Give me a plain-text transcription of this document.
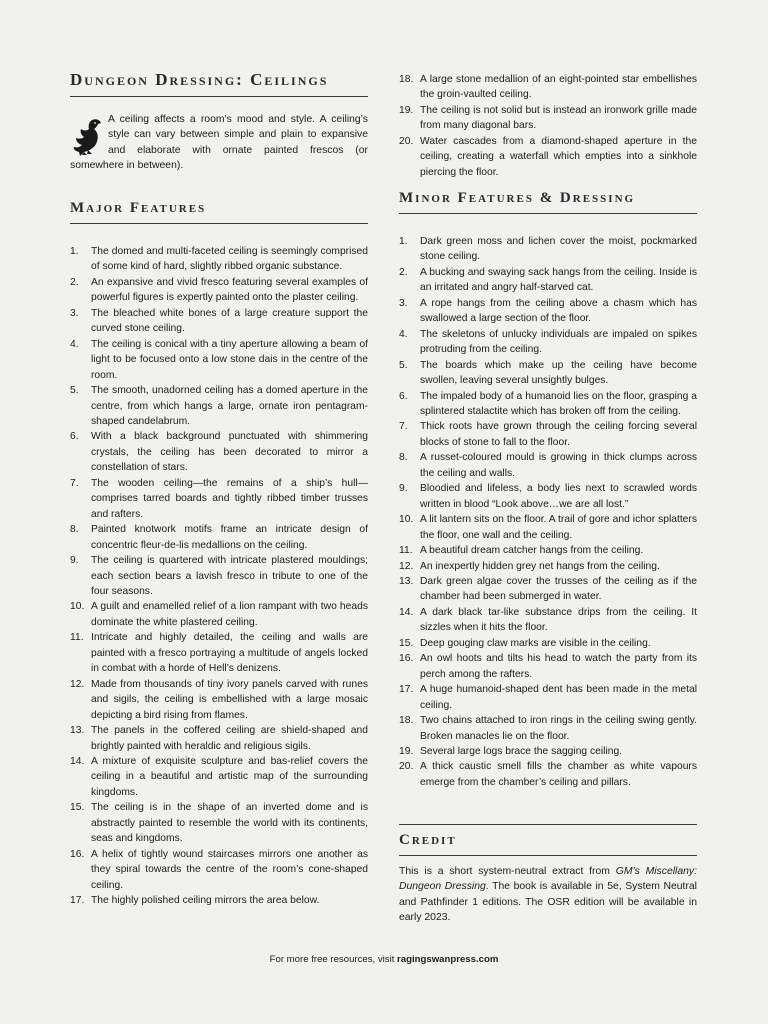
Dungeon Dressing: Ceilings
A ceiling affects a room’s mood and style. A ceiling’s style can vary between simple and plain to expansive and elaborate with ornate painted frescos (or somewhere in between).
Major Features
1. The domed and multi-faceted ceiling is seemingly comprised of some kind of hard, slightly ribbed organic substance.
2. An expansive and vivid fresco featuring several examples of powerful figures is expertly painted onto the plaster ceiling.
3. The bleached white bones of a large creature support the curved stone ceiling.
4. The ceiling is conical with a tiny aperture allowing a beam of light to be focused onto a low stone dais in the centre of the room.
5. The smooth, unadorned ceiling has a domed aperture in the centre, from which hangs a large, ornate iron pentagram-shaped candelabrum.
6. With a black background punctuated with shimmering crystals, the ceiling has been decorated to mirror a constellation of stars.
7. The wooden ceiling—the remains of a ship’s hull—comprises tarred boards and tightly ribbed timber trusses and rafters.
8. Painted knotwork motifs frame an intricate design of concentric fleur-de-lis medallions on the ceiling.
9. The ceiling is quartered with intricate plastered mouldings; each section bears a lavish fresco in tribute to one of the four seasons.
10. A guilt and enamelled relief of a lion rampant with two heads dominate the white plastered ceiling.
11. Intricate and highly detailed, the ceiling and walls are painted with a fresco portraying a multitude of angels locked in combat with a horde of Hell’s denizens.
12. Made from thousands of tiny ivory panels carved with runes and sigils, the ceiling is embellished with a large mosaic depicting a bird rising from flames.
13. The panels in the coffered ceiling are shield-shaped and brightly painted with heraldic and religious sigils.
14. A mixture of exquisite sculpture and bas-relief covers the ceiling in a beautiful and artistic map of the surrounding kingdoms.
15. The ceiling is in the shape of an inverted dome and is abstractly painted to resemble the world with its continents, seas and kingdoms.
16. A helix of tightly wound staircases mirrors one another as they spiral towards the centre of the room’s cone-shaped ceiling.
17. The highly polished ceiling mirrors the area below.
18. A large stone medallion of an eight-pointed star embellishes the groin-vaulted ceiling.
19. The ceiling is not solid but is instead an ironwork grille made from many diagonal bars.
20. Water cascades from a diamond-shaped aperture in the ceiling, creating a waterfall which empties into a sinkhole piercing the floor.
Minor Features & Dressing
1. Dark green moss and lichen cover the moist, pockmarked stone ceiling.
2. A bucking and swaying sack hangs from the ceiling. Inside is an irritated and angry half-starved cat.
3. A rope hangs from the ceiling above a chasm which has swallowed a large section of the floor.
4. The skeletons of unlucky individuals are impaled on spikes protruding from the ceiling.
5. The boards which make up the ceiling have become swollen, leaving several unsightly bulges.
6. The impaled body of a humanoid lies on the floor, grasping a splintered stalactite which has broken off from the ceiling.
7. Thick roots have grown through the ceiling forcing several blocks of stone to fall to the floor.
8. A russet-coloured mould is growing in thick clumps across the ceiling and walls.
9. Bloodied and lifeless, a body lies next to scrawled words written in blood “Look above…we are all lost.”
10. A lit lantern sits on the floor. A trail of gore and ichor splatters the floor, one wall and the ceiling.
11. A beautiful dream catcher hangs from the ceiling.
12. An inexpertly hidden grey net hangs from the ceiling.
13. Dark green algae cover the trusses of the ceiling as if the chamber had been submerged in water.
14. A dark black tar-like substance drips from the ceiling. It sizzles when it hits the floor.
15. Deep gouging claw marks are visible in the ceiling.
16. An owl hoots and tilts his head to watch the party from its perch among the rafters.
17. A huge humanoid-shaped dent has been made in the metal ceiling.
18. Two chains attached to iron rings in the ceiling swing gently. Broken manacles lie on the floor.
19. Several large logs brace the sagging ceiling.
20. A thick caustic smell fills the chamber as white vapours emerge from the chamber’s ceiling and pillars.
Credit

This is a short system-neutral extract from GM’s Miscellany: Dungeon Dressing. The book is available in 5e, System Neutral and Pathfinder 1 editions. The OSR edition will be available in early 2023.

For more free resources, visit ragingswanpress.com
